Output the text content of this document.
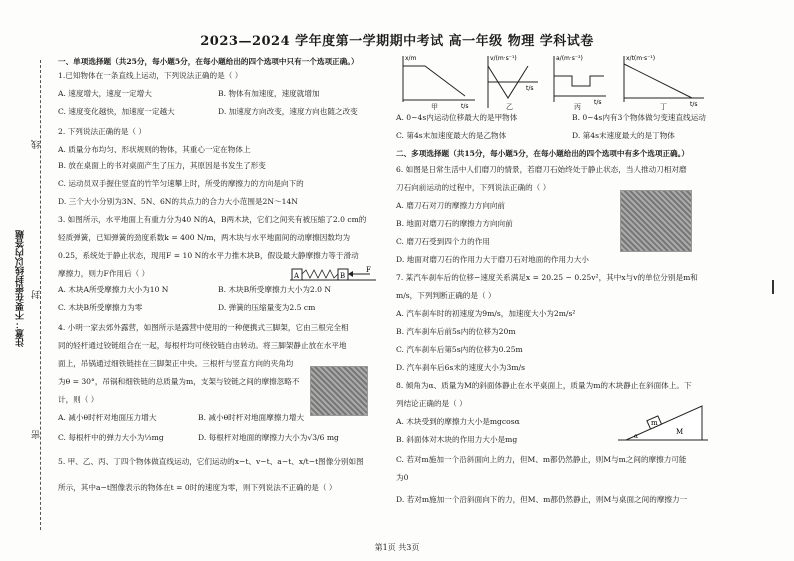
2023—2024 学年度第一学期期中考试 高一年级 物理 学科试卷
注意：不要在密封线以内答题
线
封
密

一、单项选择题（共25分，每小题5分，在每小题给出的四个选项中只有一个选项正确。）

1.已知物体在一条直线上运动，下列说法正确的是（ ）

A. 速度增大，速度一定增大	B. 物体有加速度，速度就增加

C. 速度变化越快，加速度一定越大	D. 加速度方向改变，速度方向也随之改变

2. 下列说法正确的是（ ）

A. 质量分布均匀、形状规则的物体，其重心一定在物体上

B. 放在桌面上的书对桌面产生了压力，其原因是书发生了形变

C. 运动员双手握住竖直的竹竿匀速攀上时，所受的摩擦力的方向是向下的

D. 三个大小分别为3N、5N、6N的共点力的合力大小范围是2N～14N

3. 如图所示，水平地面上有重力分为40 N的A，B两木块，它们之间夹有被压缩了2.0 cm的

轻质弹簧，已知弹簧的劲度系数k = 400 N/m，两木块与水平地面间的动摩擦因数均为

0.25，系统处于静止状态，现用F = 10 N的水平力推木块B，假设最大静摩擦力等于滑动

摩擦力，则力F作用后（ ）

A. 木块A所受摩擦力大小为10 N	B. 木块B所受摩擦力大小为2.0 N

C. 木块B所受摩擦力为零	D. 弹簧的压缩量变为2.5 cm

4. 小明一家去郊外露营，如图所示是露营中使用的一种便携式三脚架，它由三根完全相

同的轻杆通过铰链组合在一起，每根杆均可绕铰链自由转动。将三脚架静止放在水平地

面上，吊锅通过细铁链挂在三脚架正中央。三根杆与竖直方向的夹角均

为θ = 30°，吊锅和细铁链的总质量为m，支架与铰链之间的摩擦忽略不

计，则（ ）

A. 减小θ时杆对地面压力增大	B. 减小θ时杆对地面摩擦力增大

C. 每根杆中的弹力大小为⅓mg	D. 每根杆对地面的摩擦力大小为√3/6 mg

5. 甲、乙、丙、丁四个物体做直线运动，它们运动的x−t、v−t、a−t、x/t−t图像分别如图

所示，其中a−t图像表示的物体在t = 0时的速度为零，则下列说法不正确的是（ ）

A	B
F
x/m
t/s
甲
v/(m·s⁻¹)
t/s
乙
a/(m·s⁻²)
t/s
丙
x/t(m·s⁻¹)
t/s
丁

A. 0~4s内运动位移最大的是甲物体	B. 0~4s内有3个物体做匀变速直线运动

C. 第4s末加速度最大的是乙物体	D. 第4s末速度最大的是丁物体

二、多项选择题（共15分，每小题5分，在每小题给出的四个选项中有多个选项正确。）

6. 如图是日常生活中人们磨刀的情景，若磨刀石始终处于静止状态，当人推动刀相对磨

刀石向前运动的过程中，下列说法正确的（ ）

A. 磨刀石对刀的摩擦力方向向前

B. 地面对磨刀石的摩擦力方向向前

C. 磨刀石受到四个力的作用

D. 地面对磨刀石的作用力大于磨刀石对地面的作用力大小

7. 某汽车刹车后的位移−速度关系满足x = 20.25 − 0.25v²，其中x与v的单位分别是m和

m/s，下列判断正确的是（ ）

A. 汽车刹车时的初速度为9m/s，加速度大小为2m/s²

B. 汽车刹车后前5s内的位移为20m

C. 汽车刹车后第5s内的位移为0.25m

D. 汽车刹车后6s末的速度大小为3m/s

8. 倾角为α、质量为M的斜面体静止在水平桌面上，质量为m的木块静止在斜面体上。下

列结论正确的是（ ）

A. 木块受到的摩擦力大小是mgcosα

B. 斜面体对木块的作用力大小是mg

C. 若对m施加一个沿斜面向上的力，但M、m都仍然静止，则M与m之间的摩擦力可能

为0

D. 若对m施加一个沿斜面向下的力，但M、m都仍然静止，则M与桌面之间的摩擦力一

m
M
α
第1页 共3页
